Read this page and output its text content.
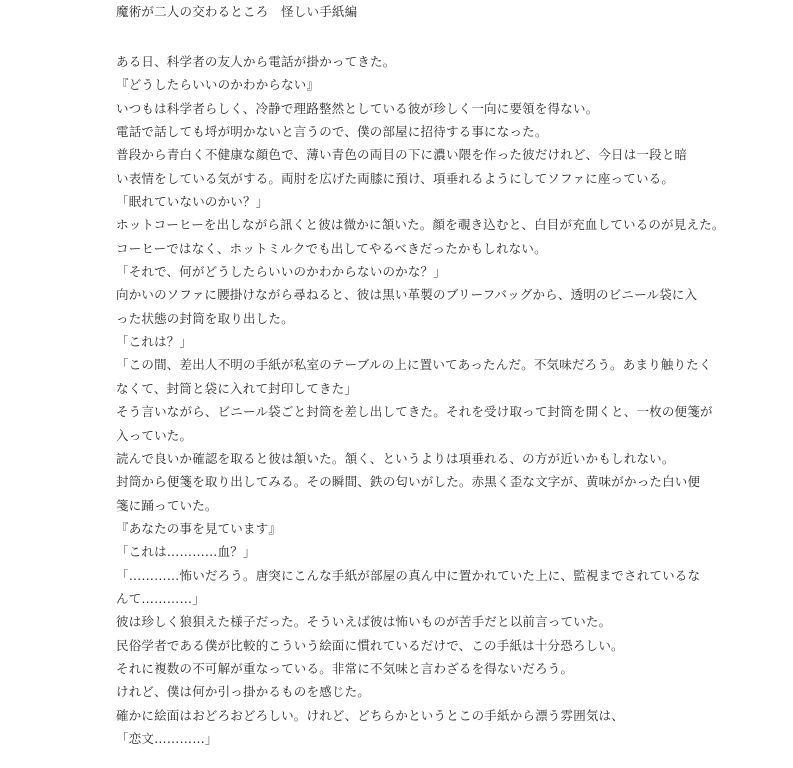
魔術が二人の交わるところ　怪しい手紙編
ある日、科学者の友人から電話が掛かってきた。
『どうしたらいいのかわからない』
いつもは科学者らしく、冷静で理路整然としている彼が珍しく一向に要領を得ない。
電話で話しても埒が明かないと言うので、僕の部屋に招待する事になった。
普段から青白く不健康な顔色で、薄い青色の両目の下に濃い隈を作った彼だけれど、今日は一段と暗
い表情をしている気がする。両肘を広げた両膝に預け、項垂れるようにしてソファに座っている。
「眠れていないのかい？」
ホットコーヒーを出しながら訊くと彼は微かに頷いた。顔を覗き込むと、白目が充血しているのが見えた。
コーヒーではなく、ホットミルクでも出してやるべきだったかもしれない。
「それで、何がどうしたらいいのかわからないのかな？」
向かいのソファに腰掛けながら尋ねると、彼は黒い革製のブリーフバッグから、透明のビニール袋に入
った状態の封筒を取り出した。
「これは？」
「この間、差出人不明の手紙が私室のテーブルの上に置いてあったんだ。不気味だろう。あまり触りたく
なくて、封筒と袋に入れて封印してきた」
そう言いながら、ビニール袋ごと封筒を差し出してきた。それを受け取って封筒を開くと、一枚の便箋が
入っていた。
読んで良いか確認を取ると彼は頷いた。頷く、というよりは項垂れる、の方が近いかもしれない。
封筒から便箋を取り出してみる。その瞬間、鉄の匂いがした。赤黒く歪な文字が、黄味がかった白い便
箋に踊っていた。
『あなたの事を見ています』
「これは…………血？」
「…………怖いだろう。唐突にこんな手紙が部屋の真ん中に置かれていた上に、監視までされているな
んて…………」
彼は珍しく狼狽えた様子だった。そういえば彼は怖いものが苦手だと以前言っていた。
民俗学者である僕が比較的こういう絵面に慣れているだけで、この手紙は十分恐ろしい。
それに複数の不可解が重なっている。非常に不気味と言わざるを得ないだろう。
けれど、僕は何か引っ掛かるものを感じた。
確かに絵面はおどろおどろしい。けれど、どちらかというとこの手紙から漂う雰囲気は、
「恋文…………」
